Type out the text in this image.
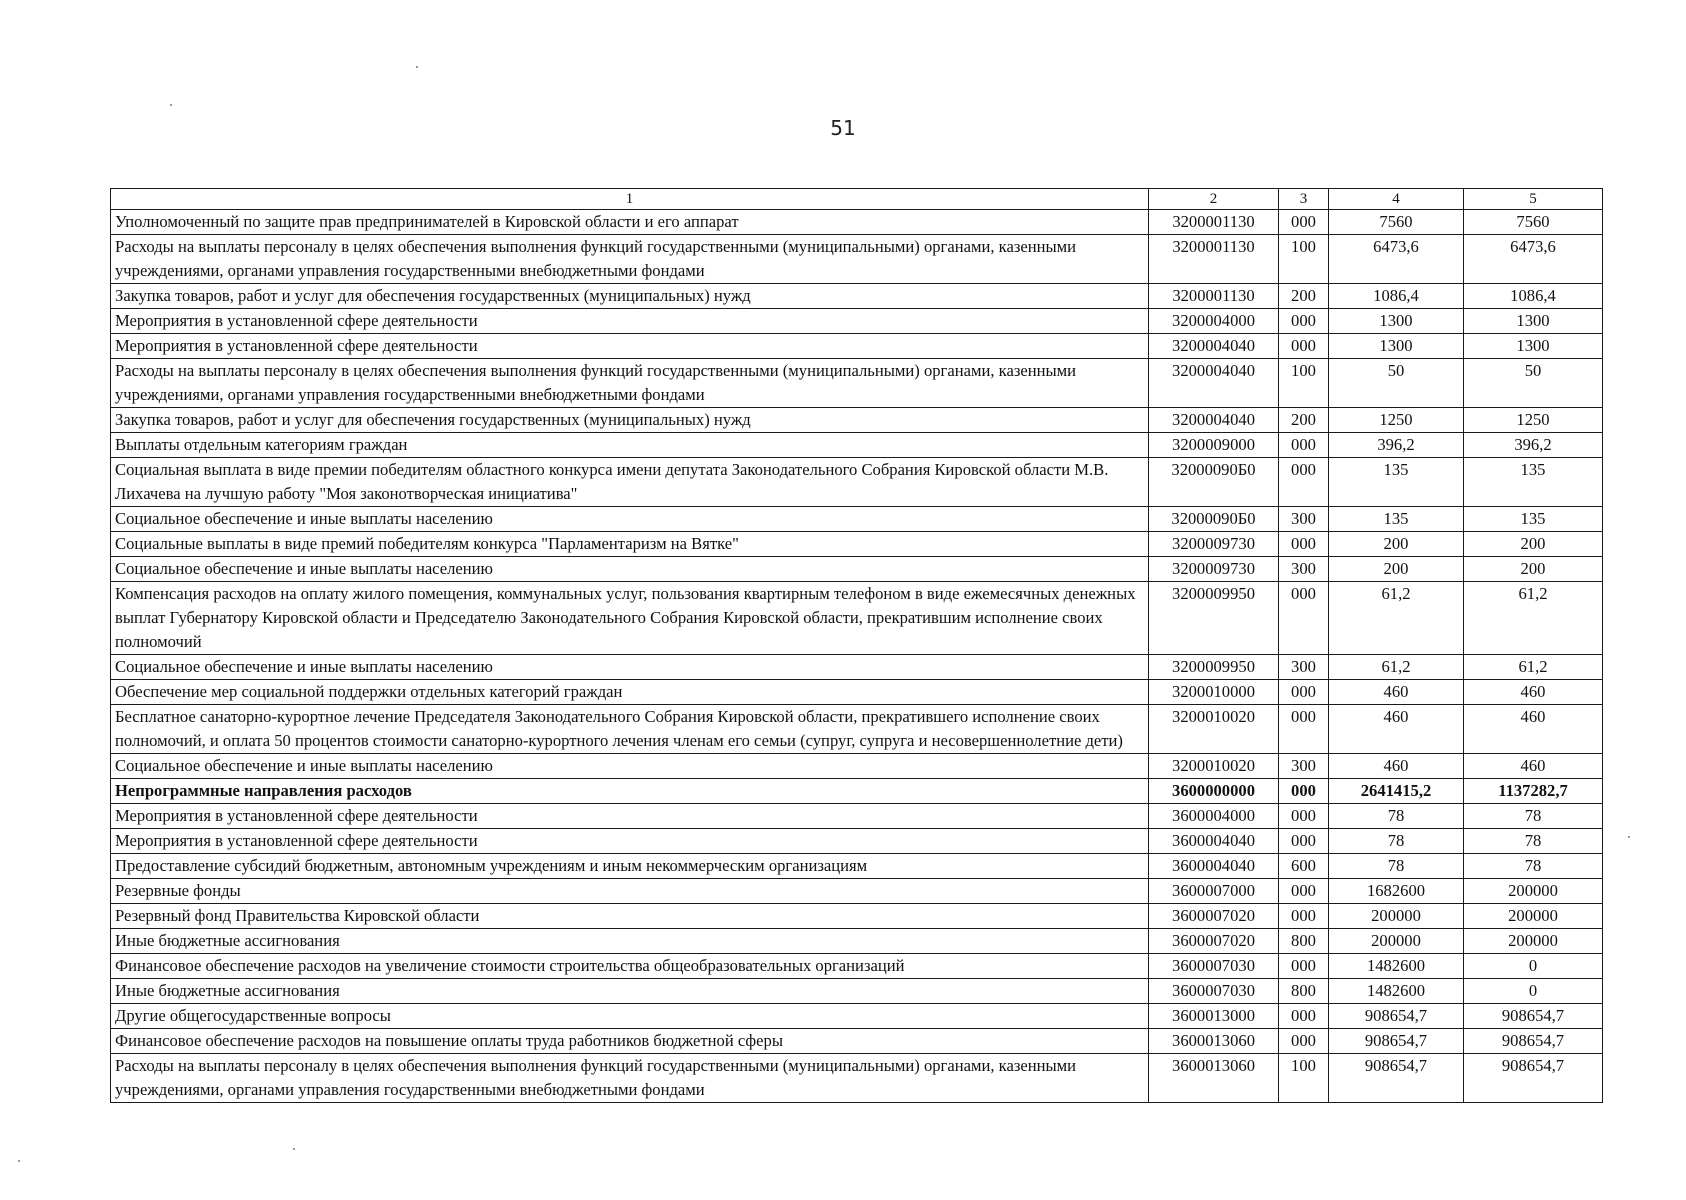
51
1	2	3	4	5
Уполномоченный по защите прав предпринимателей в Кировской области и его аппарат	3200001130	000	7560	7560
Расходы на выплаты персоналу в целях обеспечения выполнения функций государственными (муниципальными) органами, казенными учреждениями, органами управления государственными внебюджетными фондами	3200001130	100	6473,6	6473,6
Закупка товаров, работ и услуг для обеспечения государственных (муниципальных) нужд	3200001130	200	1086,4	1086,4
Мероприятия в установленной сфере деятельности	3200004000	000	1300	1300
Мероприятия в установленной сфере деятельности	3200004040	000	1300	1300
Расходы на выплаты персоналу в целях обеспечения выполнения функций государственными (муниципальными) органами, казенными учреждениями, органами управления государственными внебюджетными фондами	3200004040	100	50	50
Закупка товаров, работ и услуг для обеспечения государственных (муниципальных) нужд	3200004040	200	1250	1250
Выплаты отдельным категориям граждан	3200009000	000	396,2	396,2
Социальная выплата в виде премии победителям областного конкурса имени депутата Законодательного Собрания Кировской области М.В. Лихачева на лучшую работу "Моя законотворческая инициатива"	32000090Б0	000	135	135
Социальное обеспечение и иные выплаты населению	32000090Б0	300	135	135
Социальные выплаты в виде премий победителям конкурса "Парламентаризм на Вятке"	3200009730	000	200	200
Социальное обеспечение и иные выплаты населению	3200009730	300	200	200
Компенсация расходов на оплату жилого помещения, коммунальных услуг, пользования квартирным телефоном в виде ежемесячных денежных выплат Губернатору Кировской области и Председателю Законодательного Собрания Кировской области, прекратившим исполнение своих полномочий	3200009950	000	61,2	61,2
Социальное обеспечение и иные выплаты населению	3200009950	300	61,2	61,2
Обеспечение мер социальной поддержки отдельных категорий граждан	3200010000	000	460	460
Бесплатное санаторно-курортное лечение Председателя Законодательного Собрания Кировской области, прекратившего исполнение своих полномочий, и оплата 50 процентов стоимости санаторно-курортного лечения членам его семьи (супруг, супруга и несовершеннолетние дети)	3200010020	000	460	460
Социальное обеспечение и иные выплаты населению	3200010020	300	460	460
Непрограммные направления расходов	3600000000	000	2641415,2	1137282,7
Мероприятия в установленной сфере деятельности	3600004000	000	78	78
Мероприятия в установленной сфере деятельности	3600004040	000	78	78
Предоставление субсидий бюджетным, автономным учреждениям и иным некоммерческим организациям	3600004040	600	78	78
Резервные фонды	3600007000	000	1682600	200000
Резервный фонд Правительства Кировской области	3600007020	000	200000	200000
Иные бюджетные ассигнования	3600007020	800	200000	200000
Финансовое обеспечение расходов на увеличение стоимости строительства общеобразовательных организаций	3600007030	000	1482600	0
Иные бюджетные ассигнования	3600007030	800	1482600	0
Другие общегосударственные вопросы	3600013000	000	908654,7	908654,7
Финансовое обеспечение расходов на повышение оплаты труда работников бюджетной сферы	3600013060	000	908654,7	908654,7
Расходы на выплаты персоналу в целях обеспечения выполнения функций государственными (муниципальными) органами, казенными учреждениями, органами управления государственными внебюджетными фондами	3600013060	100	908654,7	908654,7
